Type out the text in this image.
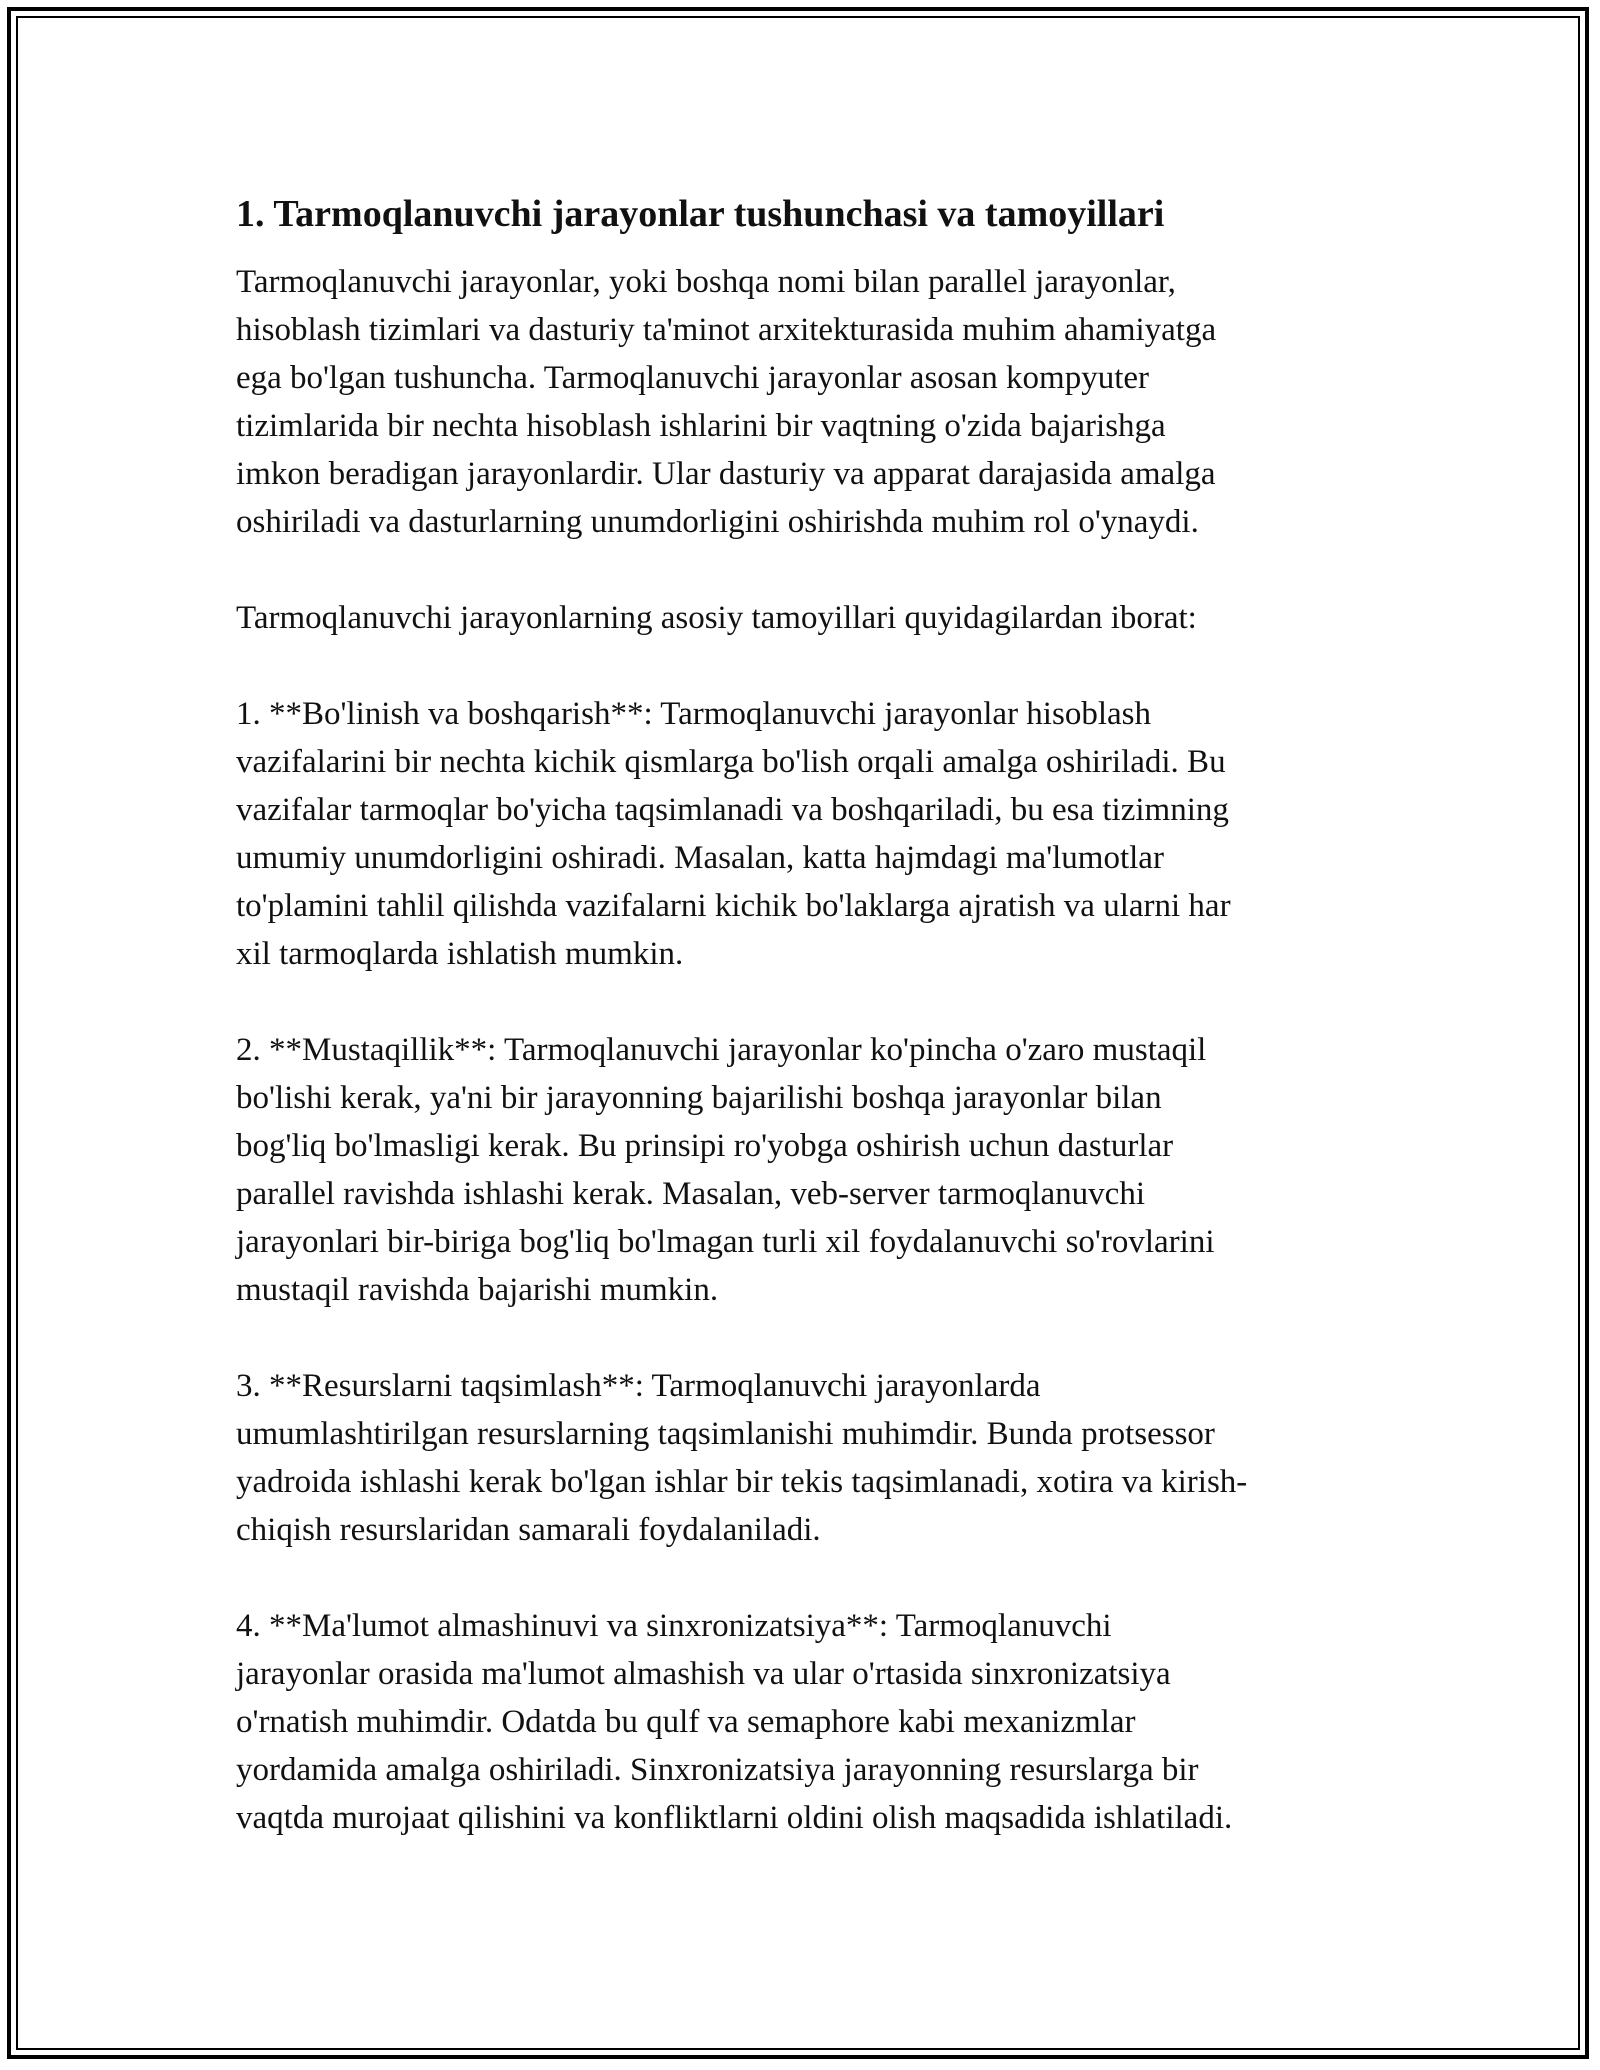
1. Tarmoqlanuvchi jarayonlar tushunchasi va tamoyillari
Tarmoqlanuvchi jarayonlar, yoki boshqa nomi bilan parallel jarayonlar,
hisoblash tizimlari va dasturiy ta'minot arxitekturasida muhim ahamiyatga
ega bo'lgan tushuncha. Tarmoqlanuvchi jarayonlar asosan kompyuter
tizimlarida bir nechta hisoblash ishlarini bir vaqtning o'zida bajarishga
imkon beradigan jarayonlardir. Ular dasturiy va apparat darajasida amalga
oshiriladi va dasturlarning unumdorligini oshirishda muhim rol o'ynaydi.
Tarmoqlanuvchi jarayonlarning asosiy tamoyillari quyidagilardan iborat:
1. **Bo'linish va boshqarish**: Tarmoqlanuvchi jarayonlar hisoblash
vazifalarini bir nechta kichik qismlarga bo'lish orqali amalga oshiriladi. Bu
vazifalar tarmoqlar bo'yicha taqsimlanadi va boshqariladi, bu esa tizimning
umumiy unumdorligini oshiradi. Masalan, katta hajmdagi ma'lumotlar
to'plamini tahlil qilishda vazifalarni kichik bo'laklarga ajratish va ularni har
xil tarmoqlarda ishlatish mumkin.
2. **Mustaqillik**: Tarmoqlanuvchi jarayonlar ko'pincha o'zaro mustaqil
bo'lishi kerak, ya'ni bir jarayonning bajarilishi boshqa jarayonlar bilan
bog'liq bo'lmasligi kerak. Bu prinsipi ro'yobga oshirish uchun dasturlar
parallel ravishda ishlashi kerak. Masalan, veb-server tarmoqlanuvchi
jarayonlari bir-biriga bog'liq bo'lmagan turli xil foydalanuvchi so'rovlarini
mustaqil ravishda bajarishi mumkin.
3. **Resurslarni taqsimlash**: Tarmoqlanuvchi jarayonlarda
umumlashtirilgan resurslarning taqsimlanishi muhimdir. Bunda protsessor
yadroida ishlashi kerak bo'lgan ishlar bir tekis taqsimlanadi, xotira va kirish-
chiqish resurslaridan samarali foydalaniladi.
4. **Ma'lumot almashinuvi va sinxronizatsiya**: Tarmoqlanuvchi
jarayonlar orasida ma'lumot almashish va ular o'rtasida sinxronizatsiya
o'rnatish muhimdir. Odatda bu qulf va semaphore kabi mexanizmlar
yordamida amalga oshiriladi. Sinxronizatsiya jarayonning resurslarga bir
vaqtda murojaat qilishini va konfliktlarni oldini olish maqsadida ishlatiladi.
